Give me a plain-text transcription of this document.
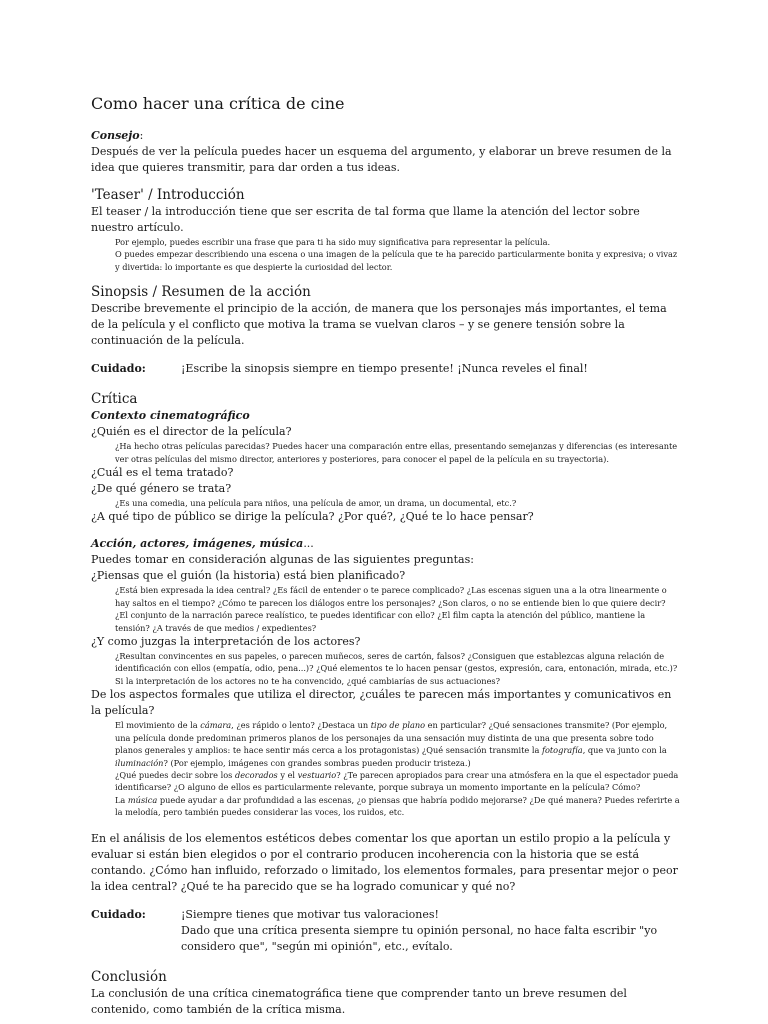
Como hacer una crítica de cine

Consejo:

Después de ver la película puedes hacer un esquema del argumento, y elaborar un breve resumen de la idea que quieres transmitir, para dar orden a tus ideas.

'Teaser' / Introducción

El teaser / la introducción tiene que ser escrita de tal forma que llame la atención del lector sobre nuestro artículo.

Por ejemplo, puedes escribir una frase que para ti ha sido muy significativa para representar la película.

O puedes empezar describiendo una escena o una imagen de la película que te ha parecido particularmente bonita y expresiva; o vivaz y divertida: lo importante es que despierte la curiosidad del lector.

Sinopsis / Resumen de la acción

Describe brevemente el principio de la acción, de manera que los personajes más importantes, el tema de la película y el conflicto que motiva la trama se vuelvan claros – y se genere tensión sobre la continuación de la película.

Cuidado:	¡Escribe la sinopsis siempre en tiempo presente! ¡Nunca reveles el final!
Crítica

Contexto cinematográfico

¿Quién es el director de la película?

¿Ha hecho otras películas parecidas? Puedes hacer una comparación entre ellas, presentando semejanzas y diferencias (es interesante ver otras películas del mismo director, anteriores y posteriores, para conocer el papel de la película en su trayectoria).

¿Cuál es el tema tratado?

¿De qué género se trata?

¿Es una comedia, una película para niños, una película de amor, un drama, un documental, etc.?

¿A qué tipo de público se dirige la película? ¿Por qué?, ¿Qué te lo hace pensar?

Acción, actores, imágenes, música...

Puedes tomar en consideración algunas de las siguientes preguntas:

¿Piensas que el guión (la historia) está bien planificado?

¿Está bien expresada la idea central? ¿Es fácil de entender o te parece complicado? ¿Las escenas siguen una a la otra linearmente o hay saltos en el tiempo? ¿Cómo te parecen los diálogos entre los personajes? ¿Son claros, o no se entiende bien lo que quiere decir? ¿El conjunto de la narración parece realístico, te puedes identificar con ello? ¿El film capta la atención del público, mantiene la tensión? ¿A través de que medios / expedientes?

¿Y como juzgas la interpretación de los actores?

¿Resultan convincentes en sus papeles, o parecen muñecos, seres de cartón, falsos? ¿Consiguen que establezcas alguna relación de identificación con ellos (empatía, odio, pena...)? ¿Qué elementos te lo hacen pensar (gestos, expresión, cara, entonación, mirada, etc.)? Si la interpretación de los actores no te ha convencido, ¿qué cambiarías de sus actuaciones?

De los aspectos formales que utiliza el director, ¿cuáles te parecen más importantes y comunicativos en la película?

El movimiento de la cámara, ¿es rápido o lento? ¿Destaca un tipo de plano en particular? ¿Qué sensaciones transmite? (Por ejemplo, una película donde predominan primeros planos de los personajes da una sensación muy distinta de una que presenta sobre todo planos generales y amplios: te hace sentir más cerca a los protagonistas) ¿Qué sensación transmite la fotografía, que va junto con la iluminación? (Por ejemplo, imágenes con grandes sombras pueden producir tristeza.)

¿Qué puedes decir sobre los decorados y el vestuario? ¿Te parecen apropiados para crear una atmósfera en la que el espectador pueda identificarse? ¿O alguno de ellos es particularmente relevante, porque subraya un momento importante en la película? Cómo?

La música puede ayudar a dar profundidad a las escenas, ¿o piensas que habría podido mejorarse? ¿De qué manera? Puedes referirte a la melodía, pero también puedes considerar las voces, los ruidos, etc.

En el análisis de los elementos estéticos debes comentar los que aportan un estilo propio a la película y evaluar si están bien elegidos o por el contrario producen incoherencia con la historia que se está contando. ¿Cómo han influido, reforzado o limitado, los elementos formales, para presentar mejor o peor la idea central? ¿Qué te ha parecido que se ha logrado comunicar y qué no?

Cuidado:	¡Siempre tienes que motivar tus valoraciones!
Dado que una crítica presenta siempre tu opinión personal, no hace falta escribir "yo considero que", "según mi opinión", etc., evítalo.
Conclusión

La conclusión de una crítica cinematográfica tiene que comprender tanto un breve resumen del contenido, como también de la crítica misma.
